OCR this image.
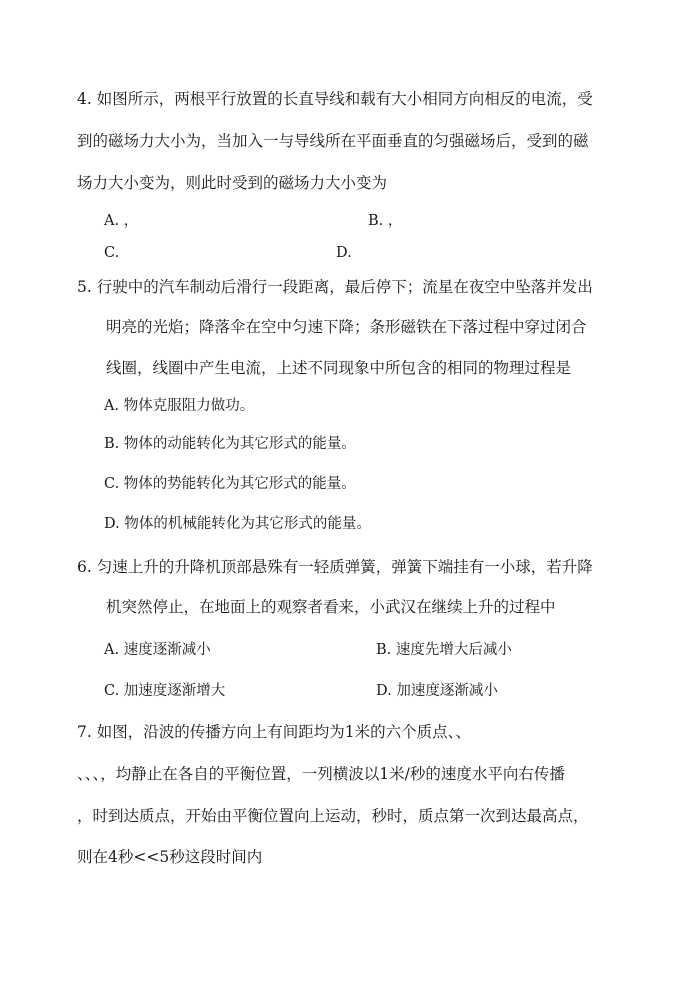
4. 如图所示，两根平行放置的长直导线和载有大小相同方向相反的电流，受
到的磁场力大小为，当加入一与导线所在平面垂直的匀强磁场后，受到的磁
场力大小变为，则此时受到的磁场力大小变为
A. ，	B. ，
C.	D.
5. 行驶中的汽车制动后滑行一段距离，最后停下；流星在夜空中坠落并发出
明亮的光焰；降落伞在空中匀速下降；条形磁铁在下落过程中穿过闭合
线圈，线圈中产生电流，上述不同现象中所包含的相同的物理过程是
A. 物体克服阻力做功。
B. 物体的动能转化为其它形式的能量。
C. 物体的势能转化为其它形式的能量。
D. 物体的机械能转化为其它形式的能量。
6. 匀速上升的升降机顶部悬殊有一轻质弹簧，弹簧下端挂有一小球，若升降
机突然停止，在地面上的观察者看来，小武汉在继续上升的过程中
A. 速度逐渐减小	B. 速度先增大后减小
C. 加速度逐渐增大	D. 加速度逐渐减小
7. 如图，沿波的传播方向上有间距均为1米的六个质点、、
、、、，均静止在各自的平衡位置，一列横波以1米/秒的速度水平向右传播
，时到达质点，开始由平衡位置向上运动，秒时，质点第一次到达最高点，
则在4秒<<5秒这段时间内
